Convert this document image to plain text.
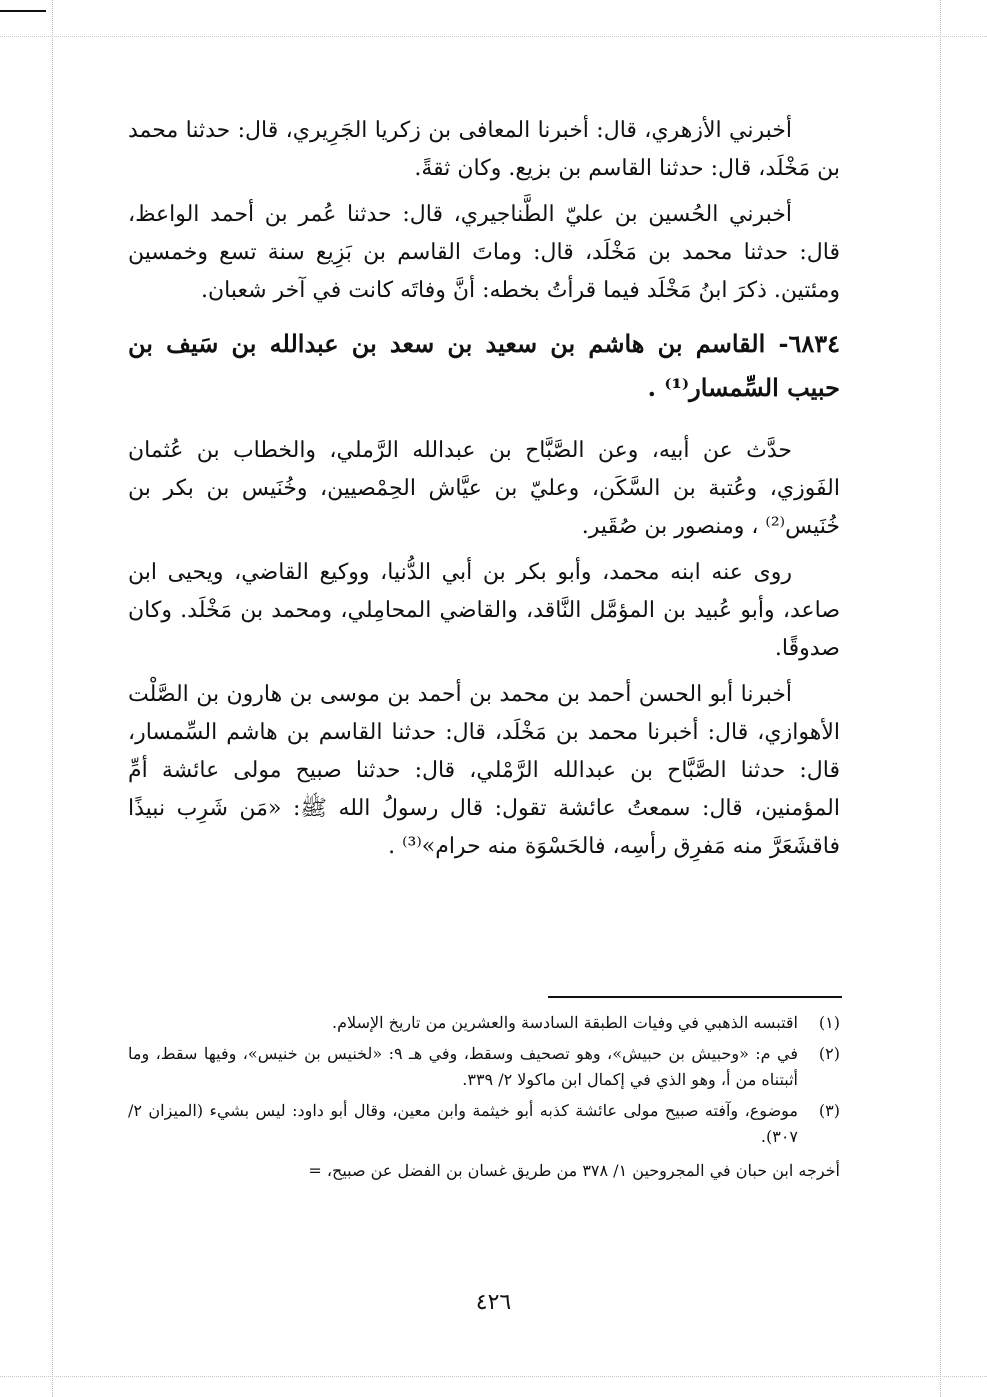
أخبرني الأزهري، قال: أخبرنا المعافى بن زكريا الجَرِيري، قال: حدثنا محمد بن مَخْلَد، قال: حدثنا القاسم بن بزيع. وكان ثقةً.

أخبرني الحُسين بن عليّ الطَّناجيري، قال: حدثنا عُمر بن أحمد الواعظ، قال: حدثنا محمد بن مَخْلَد، قال: وماتَ القاسم بن بَزِيع سنة تسع وخمسين ومئتين. ذكرَ ابنُ مَخْلَد فيما قرأتُ بخطه: أنَّ وفاتَه كانت في آخر شعبان.

٦٨٣٤- القاسم بن هاشم بن سعيد بن سعد بن عبدالله بن سَيف بن حبيب السِّمسار⁽¹⁾ .

حدَّث عن أبيه، وعن الصَّبَّاح بن عبدالله الرَّملي، والخطاب بن عُثمان الفَوزي، وعُتبة بن السَّكَن، وعليّ بن عيَّاش الحِمْصيين، وخُنَيس بن بكر بن خُنَيس⁽²⁾ ، ومنصور بن صُقَير.

روى عنه ابنه محمد، وأبو بكر بن أبي الدُّنيا، ووكيع القاضي، ويحيى ابن صاعد، وأبو عُبيد بن المؤمَّل النَّاقد، والقاضي المحامِلي، ومحمد بن مَخْلَد. وكان صدوقًا.

أخبرنا أبو الحسن أحمد بن محمد بن أحمد بن موسى بن هارون بن الصَّلْت الأهوازي، قال: أخبرنا محمد بن مَخْلَد، قال: حدثنا القاسم بن هاشم السِّمسار، قال: حدثنا الصَّبَّاح بن عبدالله الرَّمْلي، قال: حدثنا صبيح مولى عائشة أمِّ المؤمنين، قال: سمعتُ عائشة تقول: قال رسولُ الله ﷺ: «مَن شَرِب نبيذًا فاقشَعَرَّ منه مَفرِق رأسِه، فالحَسْوَة منه حرام»⁽³⁾ .

(١)
اقتبسه الذهبي في وفيات الطبقة السادسة والعشرين من تاريخ الإسلام.

(٢)
في م: «وحبيش بن حبيش»، وهو تصحيف وسقط، وفي هـ ٩: «لخنيس بن خنيس»، وفيها سقط، وما أثبتناه من أ، وهو الذي في إكمال ابن ماكولا ٢/ ٣٣٩.

(٣)
موضوع، وآفته صبيح مولى عائشة كذبه أبو خيثمة وابن معين، وقال أبو داود: ليس بشيء (الميزان ٢/ ٣٠٧).

أخرجه ابن حبان في المجروحين ١/ ٣٧٨ من طريق غسان بن الفضل عن صبيح، =

٤٢٦
